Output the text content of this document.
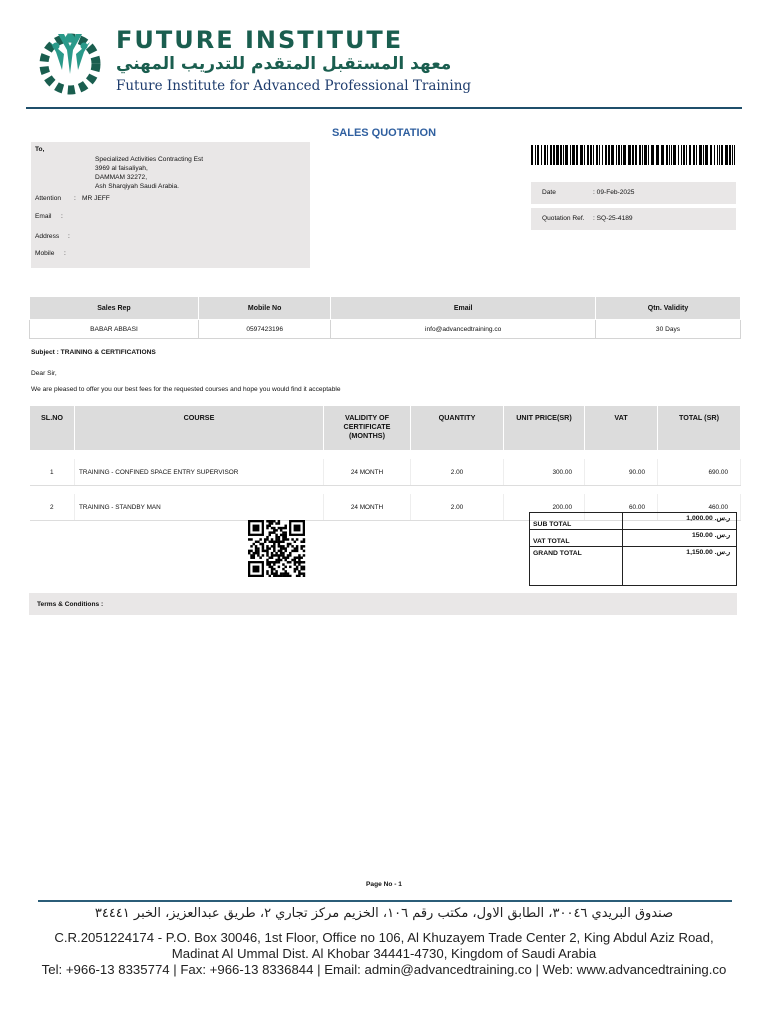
FUTURE INSTITUTE
معهد المستقبل المتقدم للتدريب المهني
Future Institute for Advanced Professional Training
SALES QUOTATION
To,
Specialized Activities Contracting Est
3969 al faisaliyah,
DAMMAM 32272,
Ash Sharqiyah Saudi Arabia.
Attention : MR JEFF
Email :
Address :
Mobile :
Date	: 09-Feb-2025
Quotation Ref. : SQ-25-4189
Sales Rep	Mobile No	Email	Qtn. Validity
BABAR ABBASI	0597423196	info@advancedtraining.co	30 Days
Subject : TRAINING & CERTIFICATIONS
Dear Sir,
We are pleased to offer you our best fees for the requested courses and hope you would find it acceptable
SL.NO	COURSE	VALIDITY OF CERTIFICATE (MONTHS)	QUANTITY	UNIT PRICE(SR)	VAT	TOTAL (SR)

1	TRAINING - CONFINED SPACE ENTRY SUPERVISOR	24 MONTH	2.00	300.00	90.00	690.00

2	TRAINING - STANDBY MAN	24 MONTH	2.00	200.00	60.00	460.00
SUB TOTAL	1,000.00 .ر.س
VAT TOTAL	150.00 .ر.س
GRAND TOTAL	1,150.00 .ر.س
Terms & Conditions :
Page No - 1
صندوق البريدي ٣٠٠٤٦، الطابق الاول، مكتب رقم ١٠٦، الخزيم مركز تجاري ٢، طريق عبدالعزيز، الخبر ٣٤٤٤١
C.R.2051224174 - P.O. Box 30046, 1st Floor, Office no 106, Al Khuzayem Trade Center 2, King Abdul Aziz Road,
Madinat Al Ummal Dist. Al Khobar 34441-4730, Kingdom of Saudi Arabia
Tel: +966-13 8335774 | Fax: +966-13 8336844 | Email: admin@advancedtraining.co | Web: www.advancedtraining.co
